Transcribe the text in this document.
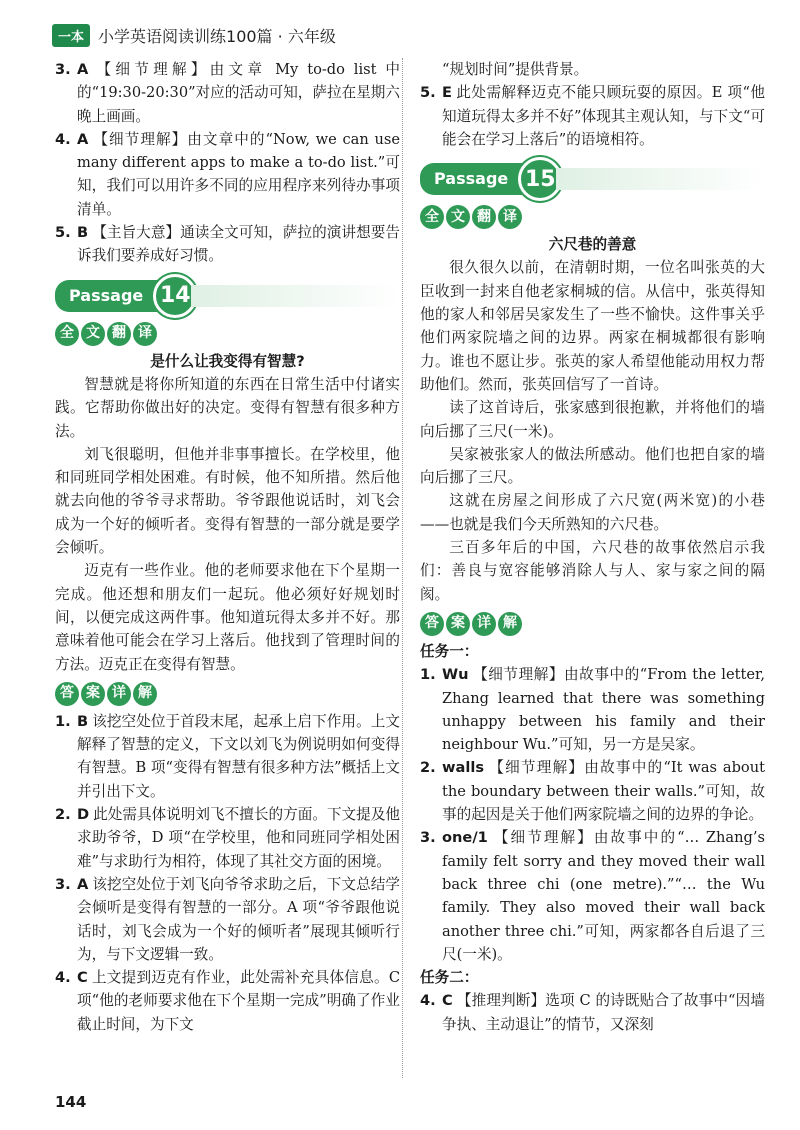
一本 小学英语阅读训练100篇 · 六年级

3. A 【细节理解】由文章 My to-do list 中的“19:30-20:30”对应的活动可知，萨拉在星期六晚上画画。

4. A 【细节理解】由文章中的“Now, we can use many different apps to make a to-do list.”可知，我们可以用许多不同的应用程序来列待办事项清单。

5. B 【主旨大意】通读全文可知，萨拉的演讲想要告诉我们要养成好习惯。

Passage 14
全 文 翻 译

是什么让我变得有智慧?

智慧就是将你所知道的东西在日常生活中付诸实践。它帮助你做出好的决定。变得有智慧有很多种方法。

刘飞很聪明，但他并非事事擅长。在学校里，他和同班同学相处困难。有时候，他不知所措。然后他就去向他的爷爷寻求帮助。爷爷跟他说话时，刘飞会成为一个好的倾听者。变得有智慧的一部分就是要学会倾听。

迈克有一些作业。他的老师要求他在下个星期一完成。他还想和朋友们一起玩。他必须好好规划时间，以便完成这两件事。他知道玩得太多并不好。那意味着他可能会在学习上落后。他找到了管理时间的方法。迈克正在变得有智慧。

答 案 详 解

1. B 该挖空处位于首段末尾，起承上启下作用。上文解释了智慧的定义，下文以刘飞为例说明如何变得有智慧。B 项“变得有智慧有很多种方法”概括上文并引出下文。

2. D 此处需具体说明刘飞不擅长的方面。下文提及他求助爷爷，D 项“在学校里，他和同班同学相处困难”与求助行为相符，体现了其社交方面的困境。

3. A 该挖空处位于刘飞向爷爷求助之后，下文总结学会倾听是变得有智慧的一部分。A 项“爷爷跟他说话时，刘飞会成为一个好的倾听者”展现其倾听行为，与下文逻辑一致。

4. C 上文提到迈克有作业，此处需补充具体信息。C 项“他的老师要求他在下个星期一完成”明确了作业截止时间，为下文

“规划时间”提供背景。

5. E 此处需解释迈克不能只顾玩耍的原因。E 项“他知道玩得太多并不好”体现其主观认知，与下文“可能会在学习上落后”的语境相符。

Passage 15
全 文 翻 译

六尺巷的善意

很久很久以前，在清朝时期，一位名叫张英的大臣收到一封来自他老家桐城的信。从信中，张英得知他的家人和邻居吴家发生了一些不愉快。这件事关乎他们两家院墙之间的边界。两家在桐城都很有影响力。谁也不愿让步。张英的家人希望他能动用权力帮助他们。然而，张英回信写了一首诗。

读了这首诗后，张家感到很抱歉，并将他们的墙向后挪了三尺(一米)。

吴家被张家人的做法所感动。他们也把自家的墙向后挪了三尺。

这就在房屋之间形成了六尺宽(两米宽)的小巷——也就是我们今天所熟知的六尺巷。

三百多年后的中国，六尺巷的故事依然启示我们：善良与宽容能够消除人与人、家与家之间的隔阂。

答 案 详 解

任务一：

1. Wu 【细节理解】由故事中的“From the letter, Zhang learned that there was something unhappy between his family and their neighbour Wu.”可知，另一方是吴家。

2. walls 【细节理解】由故事中的“It was about the boundary between their walls.”可知，故事的起因是关于他们两家院墙之间的边界的争论。

3. one/1 【细节理解】由故事中的“… Zhang’s family felt sorry and they moved their wall back three chi (one metre).”“… the Wu family. They also moved their wall back another three chi.”可知，两家都各自后退了三尺(一米)。

任务二：

4. C 【推理判断】选项 C 的诗既贴合了故事中“因墙争执、主动退让”的情节，又深刻

144
